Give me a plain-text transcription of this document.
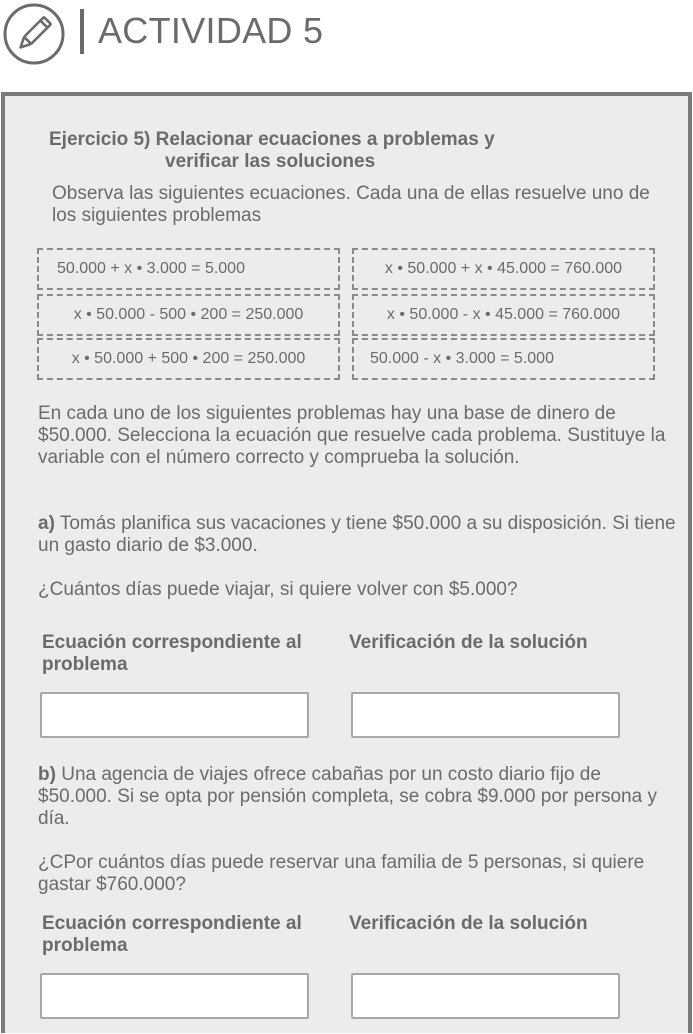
ACTIVIDAD 5
Ejercicio 5) Relacionar ecuaciones a problemas y
verificar las soluciones
Observa las siguientes ecuaciones. Cada una de ellas resuelve uno de los siguientes problemas
50.000 + x • 3.000 = 5.000	x • 50.000 + x • 45.000 = 760.000
x • 50.000 - 500 • 200 = 250.000	x • 50.000 - x • 45.000 = 760.000
x • 50.000 + 500 • 200 = 250.000	50.000 - x • 3.000 = 5.000
En cada uno de los siguientes problemas hay una base de dinero de $50.000. Selecciona la ecuación que resuelve cada problema. Sustituye la variable con el número correcto y comprueba la solución.
a) Tomás planifica sus vacaciones y tiene $50.000 a su disposición. Si tiene un gasto diario de $3.000.
¿Cuántos días puede viajar, si quiere volver con $5.000?
Ecuación correspondiente al problema
Verificación de la solución
b) Una agencia de viajes ofrece cabañas por un costo diario fijo de $50.000. Si se opta por pensión completa, se cobra $9.000 por persona y día.
¿CPor cuántos días puede reservar una familia de 5 personas, si quiere gastar $760.000?
Ecuación correspondiente al problema
Verificación de la solución
